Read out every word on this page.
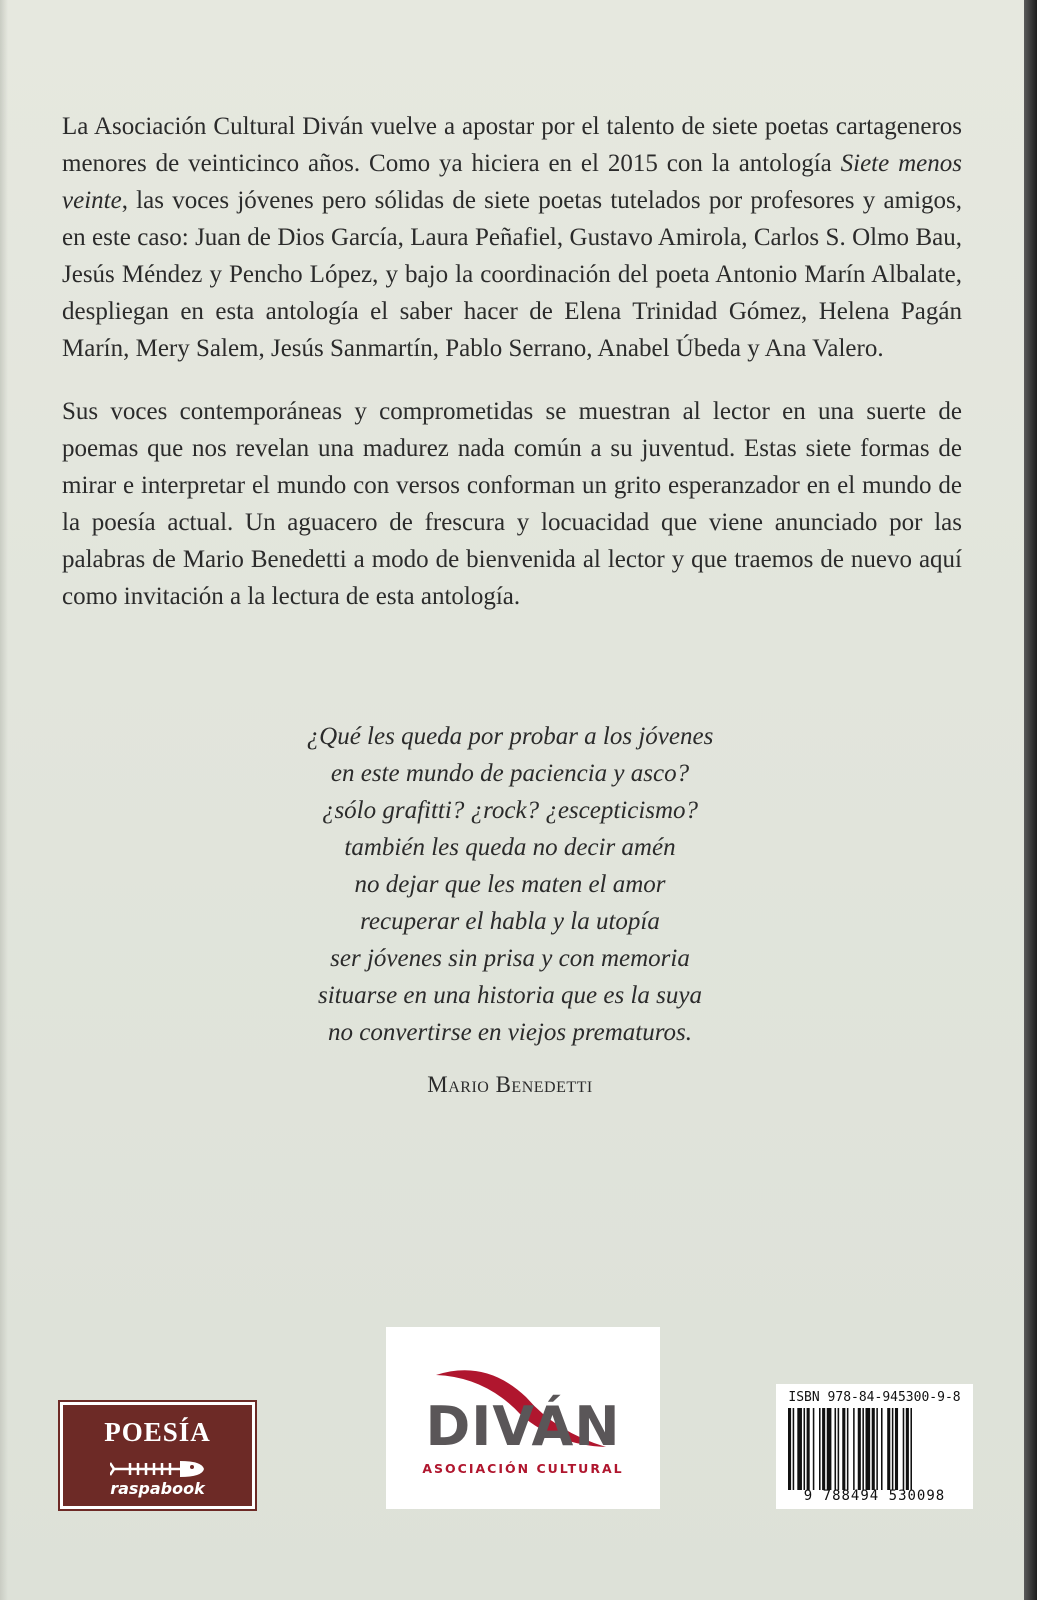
La Asociación Cultural Diván vuelve a apostar por el talento de siete poetas cartageneros menores de veinticinco años. Como ya hiciera en el 2015 con la antología Siete menos veinte, las voces jóvenes pero sólidas de siete poetas tutelados por profesores y amigos, en este caso: Juan de Dios García, Laura Peñafiel, Gustavo Amirola, Carlos S. Olmo Bau, Jesús Méndez y Pencho López, y bajo la coordinación del poeta Antonio Marín Albalate, despliegan en esta antología el saber hacer de Elena Trinidad Gómez, Helena Pagán Marín, Mery Salem, Jesús Sanmartín, Pablo Serrano, Anabel Úbeda y Ana Valero.

Sus voces contemporáneas y comprometidas se muestran al lector en una suerte de poemas que nos revelan una madurez nada común a su juventud. Estas siete formas de mirar e interpretar el mundo con versos conforman un grito esperanzador en el mundo de la poesía actual. Un aguacero de frescura y locuacidad que viene anunciado por las palabras de Mario Benedetti a modo de bienvenida al lector y que traemos de nuevo aquí como invitación a la lectura de esta antología.

¿Qué les queda por probar a los jóvenes
en este mundo de paciencia y asco?
¿sólo grafitti? ¿rock? ¿escepticismo?
también les queda no decir amén
no dejar que les maten el amor
recuperar el habla y la utopía
ser jóvenes sin prisa y con memoria
situarse en una historia que es la suya
no convertirse en viejos prematuros.
Mario Benedetti
POESÍA
raspabook
DIVÁN
ASOCIACIÓN CULTURAL
ISBN 978-84-945300-9-8
9 788494 530098
